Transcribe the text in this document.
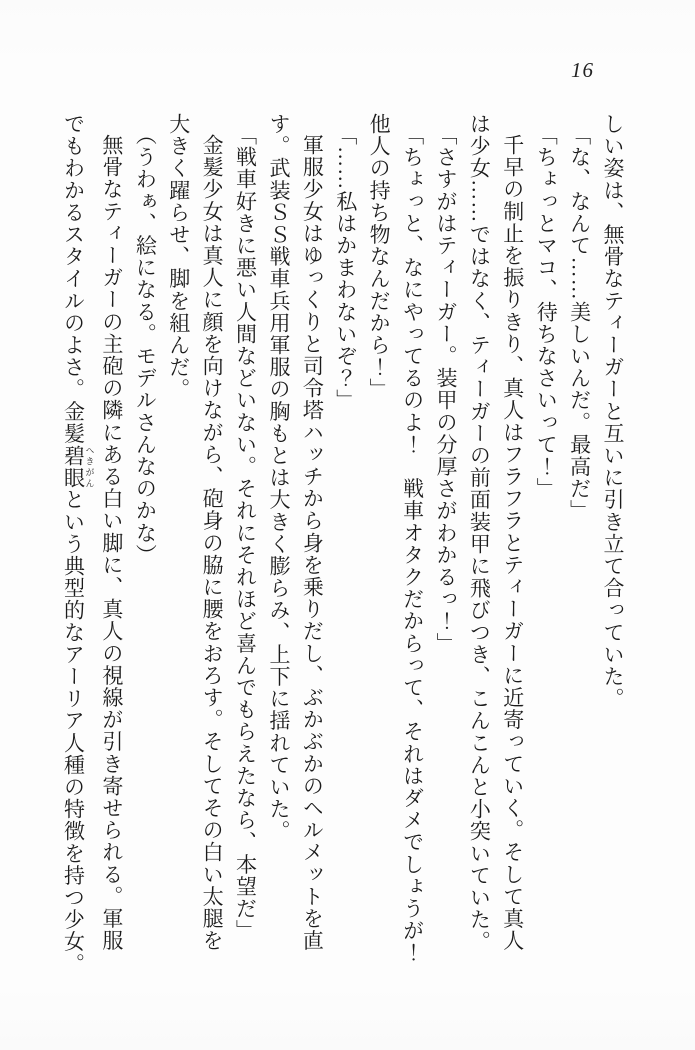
16
しい姿は、無骨なティーガーと互いに引き立て合っていた。
「な、なんて……美しいんだ。最高だ」
「ちょっとマコ、待ちなさいって！」
千早の制止を振りきり、真人はフラフラとティーガーに近寄っていく。そして真人
は少女……ではなく、ティーガーの前面装甲に飛びつき、こんこんと小突いていた。
「さすがはティーガー。装甲の分厚さがわかるっ！」
「ちょっと、なにやってるのよ！　戦車オタクだからって、それはダメでしょうが！
他人の持ち物なんだから！」
「……私はかまわないぞ？」
軍服少女はゆっくりと司令塔ハッチから身を乗りだし、ぶかぶかのヘルメットを直
す。武装ＳＳ戦車兵用軍服の胸もとは大きく膨らみ、上下に揺れていた。
「戦車好きに悪い人間などいない。それにそれほど喜んでもらえたなら、本望だ」
金髪少女は真人に顔を向けながら、砲身の脇に腰をおろす。そしてその白い太腿を
大きく躍らせ、脚を組んだ。
（うわぁ、絵になる。モデルさんなのかな）
無骨なティーガーの主砲の隣にある白い脚に、真人の視線が引き寄せられる。軍服
でもわかるスタイルのよさ。金髪碧眼 へきがんという典型的なアーリア人種の特徴を持つ少女。
